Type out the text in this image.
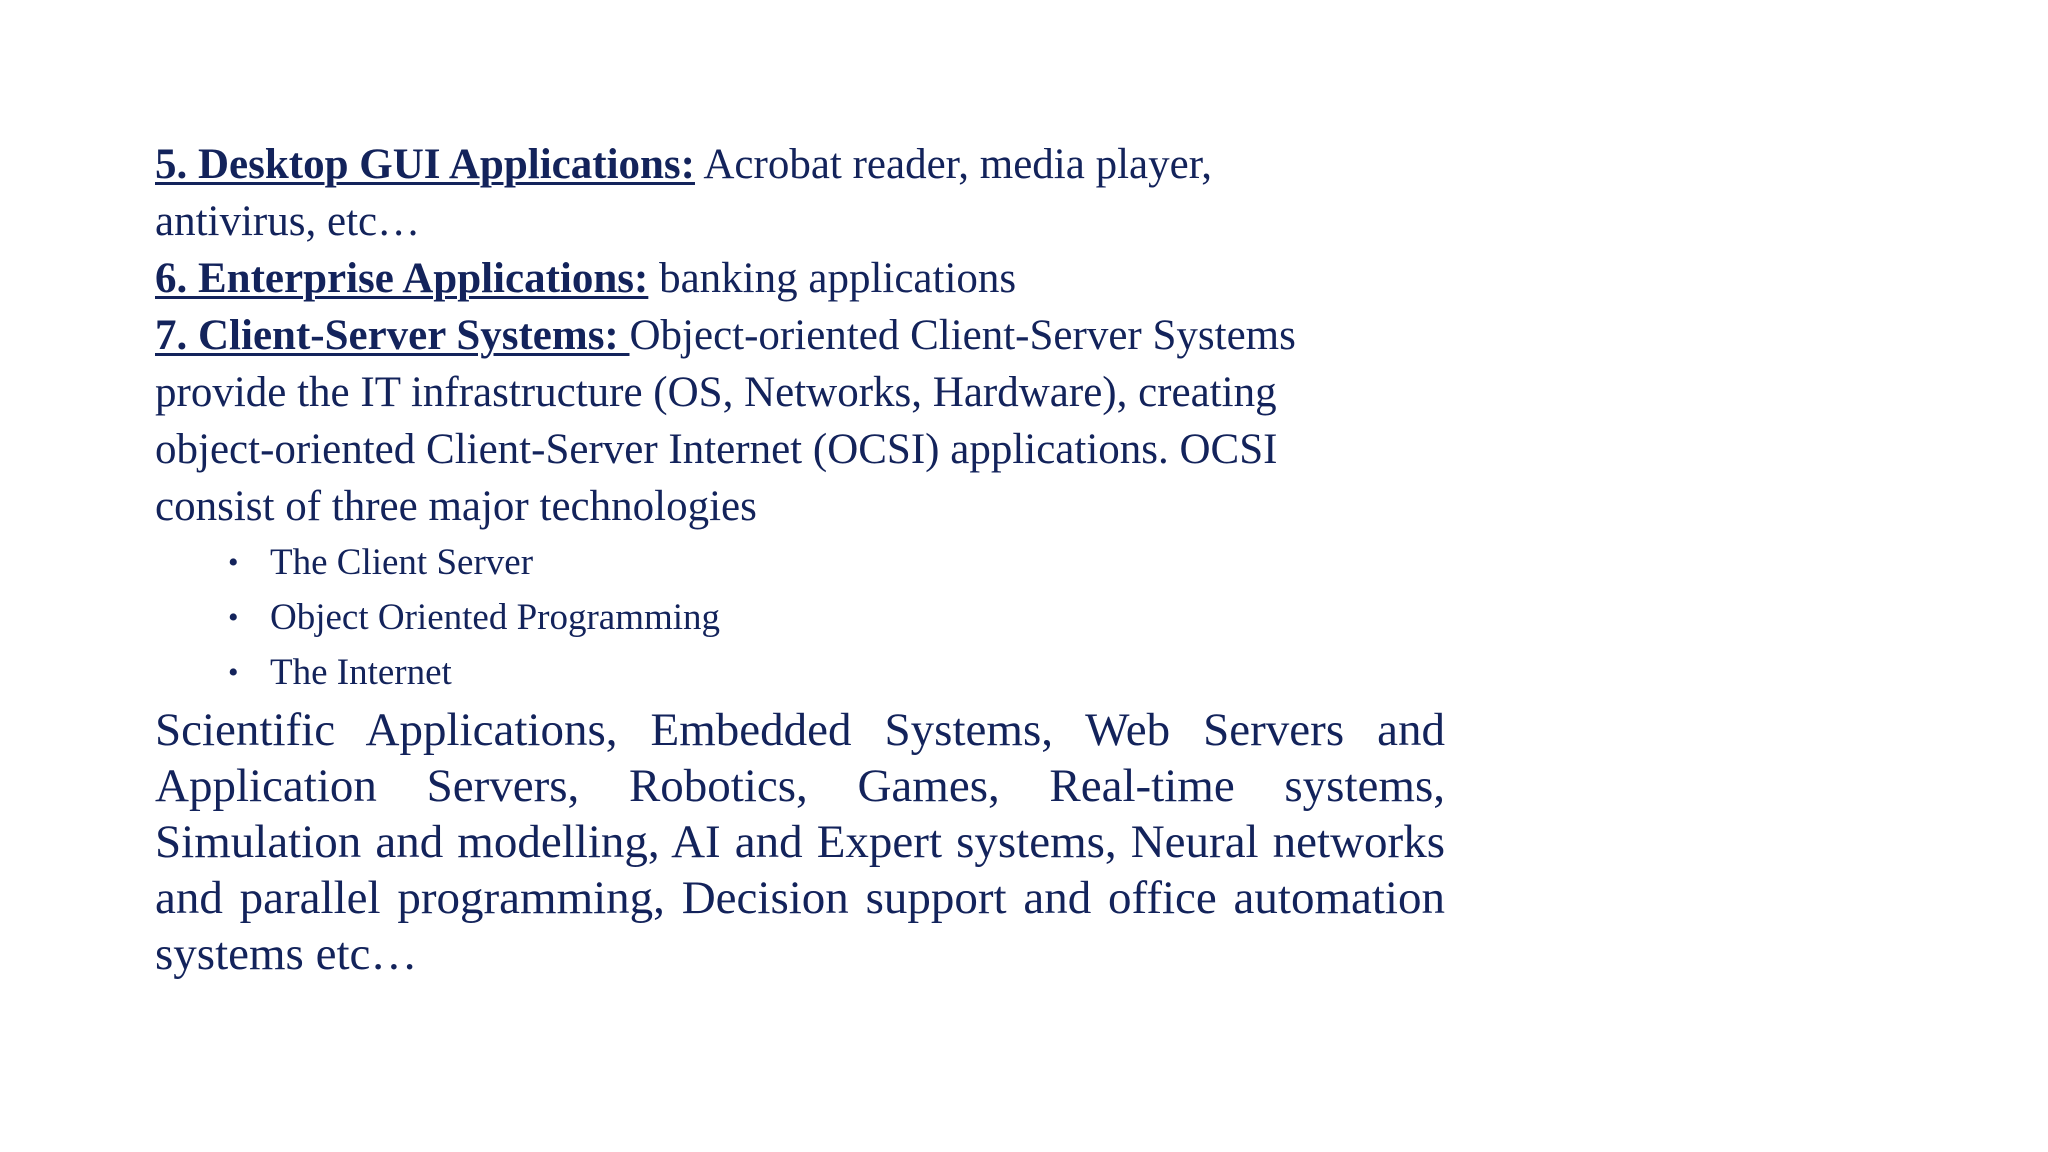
5. Desktop GUI Applications: Acrobat reader, media player,
antivirus, etc…
6. Enterprise Applications: banking applications
7. Client-Server Systems: Object-oriented Client-Server Systems
provide the IT infrastructure (OS, Networks, Hardware), creating
object-oriented Client-Server Internet (OCSI) applications. OCSI
consist of three major technologies
• The Client Server
• Object Oriented Programming
• The Internet
Scientific Applications, Embedded Systems, Web Servers and Application Servers, Robotics, Games, Real-time systems, Simulation and modelling, AI and Expert systems, Neural networks and parallel programming, Decision support and office automation systems etc…
